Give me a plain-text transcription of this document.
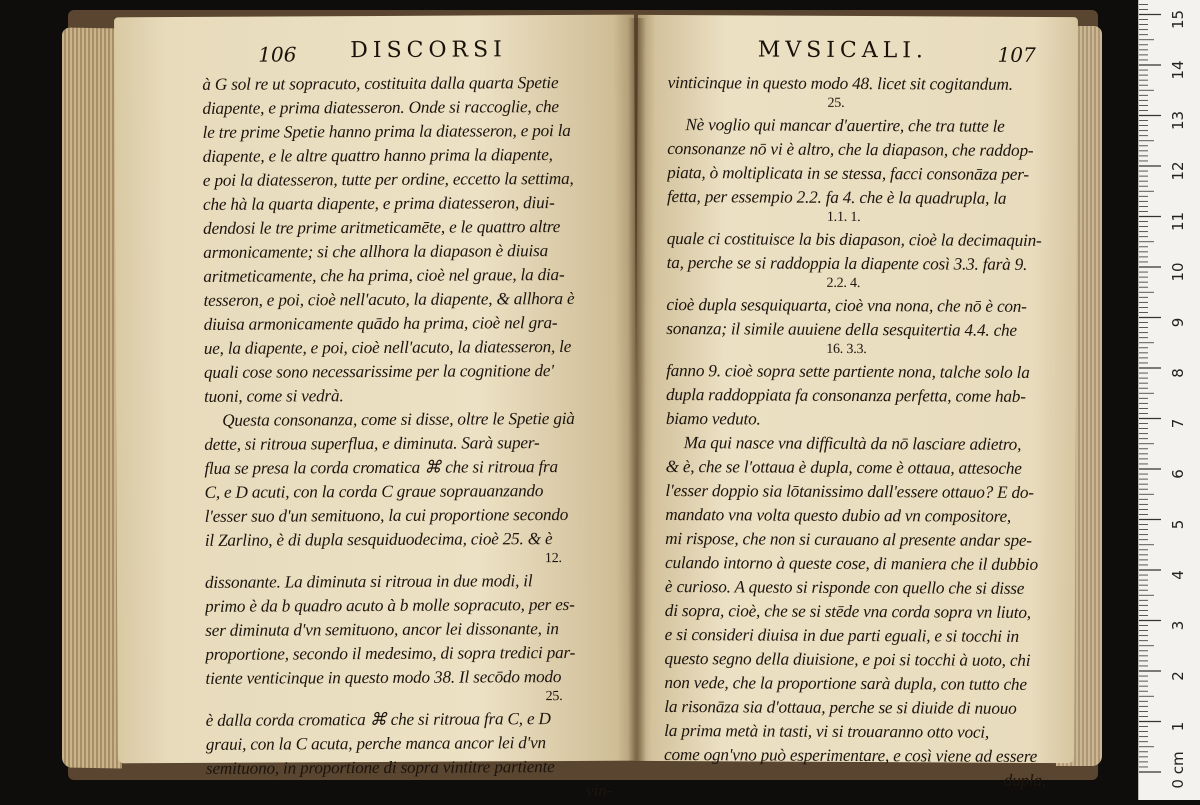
106 DISCORSI
à G sol re ut sopracuto, costituita dalla quarta Spetie
diapente, e prima diatesseron. Onde si raccoglie, che
le tre prime Spetie hanno prima la diatesseron, e poi la
diapente, e le altre quattro hanno prima la diapente,
e poi la diatesseron, tutte per ordine, eccetto la settima,
che hà la quarta diapente, e prima diatesseron, diui-
dendosi le tre prime aritmeticamēte, e le quattro altre
armonicamente; si che allhora la diapason è diuisa
aritmeticamente, che ha prima, cioè nel graue, la dia-
tesseron, e poi, cioè nell'acuto, la diapente, & allhora è
diuisa armonicamente quādo ha prima, cioè nel gra-
ue, la diapente, e poi, cioè nell'acuto, la diatesseron, le
quali cose sono necessarissime per la cognitione de'
tuoni, come si vedrà.
Questa consonanza, come si disse, oltre le Spetie già
dette, si ritroua superflua, e diminuta. Sarà super-
flua se presa la corda cromatica ⌘ che si ritroua fra
C, e D acuti, con la corda C graue soprauanzando
l'esser suo d'un semituono, la cui proportione secondo
il Zarlino, è di dupla sesquiduodecima, cioè 25. & è
12.
dissonante. La diminuta si ritroua in due modi, il
primo è da b quadro acuto à b molle sopracuto, per es-
ser diminuta d'vn semituono, ancor lei dissonante, in
proportione, secondo il medesimo, di sopra tredici par-
tiente venticinque in questo modo 38. Il secōdo modo
25.
è dalla corda cromatica ⌘ che si ritroua fra C, e D
graui, con la C acuta, perche manca ancor lei d'vn
semituono, in proportione di sopra vintitre partiente
vin-
MVSICALI.	107
vinticinque in questo modo 48. licet sit cogitandum.
25.
Nè voglio qui mancar d'auertire, che tra tutte le
consonanze nō vi è altro, che la diapason, che raddop-
piata, ò moltiplicata in se stessa, facci consonāza per-
fetta, per essempio 2.2. fa 4. che è la quadrupla, la
1.1. 1.
quale ci costituisce la bis diapason, cioè la decimaquin-
ta, perche se si raddoppia la diapente così 3.3. farà 9.
2.2. 4.
cioè dupla sesquiquarta, cioè vna nona, che nō è con-
sonanza; il simile auuiene della sesquitertia 4.4. che
16. 3.3.
fanno 9. cioè sopra sette partiente nona, talche solo la
dupla raddoppiata fa consonanza perfetta, come hab-
biamo veduto.
Ma qui nasce vna difficultà da nō lasciare adietro,
& è, che se l'ottaua è dupla, come è ottaua, attesoche
l'esser doppio sia lōtanissimo dall'essere ottauo? E do-
mandato vna volta questo dubio ad vn compositore,
mi rispose, che non si curauano al presente andar spe-
culando intorno à queste cose, di maniera che il dubbio
è curioso. A questo si risponde con quello che si disse
di sopra, cioè, che se si stēde vna corda sopra vn liuto,
e si consideri diuisa in due parti eguali, e si tocchi in
questo segno della diuisione, e poi si tocchi à uoto, chi
non vede, che la proportione sarà dupla, con tutto che
la risonāza sia d'ottaua, perche se si diuide di nuouo
la prima metà in tasti, vi si trouaranno otto voci,
come ogn'vno può esperimentare, e così viene ad essere
dupla,	0 cm
1
2
3
4
5
6
7
8
9
10
11
12
13
14
15
